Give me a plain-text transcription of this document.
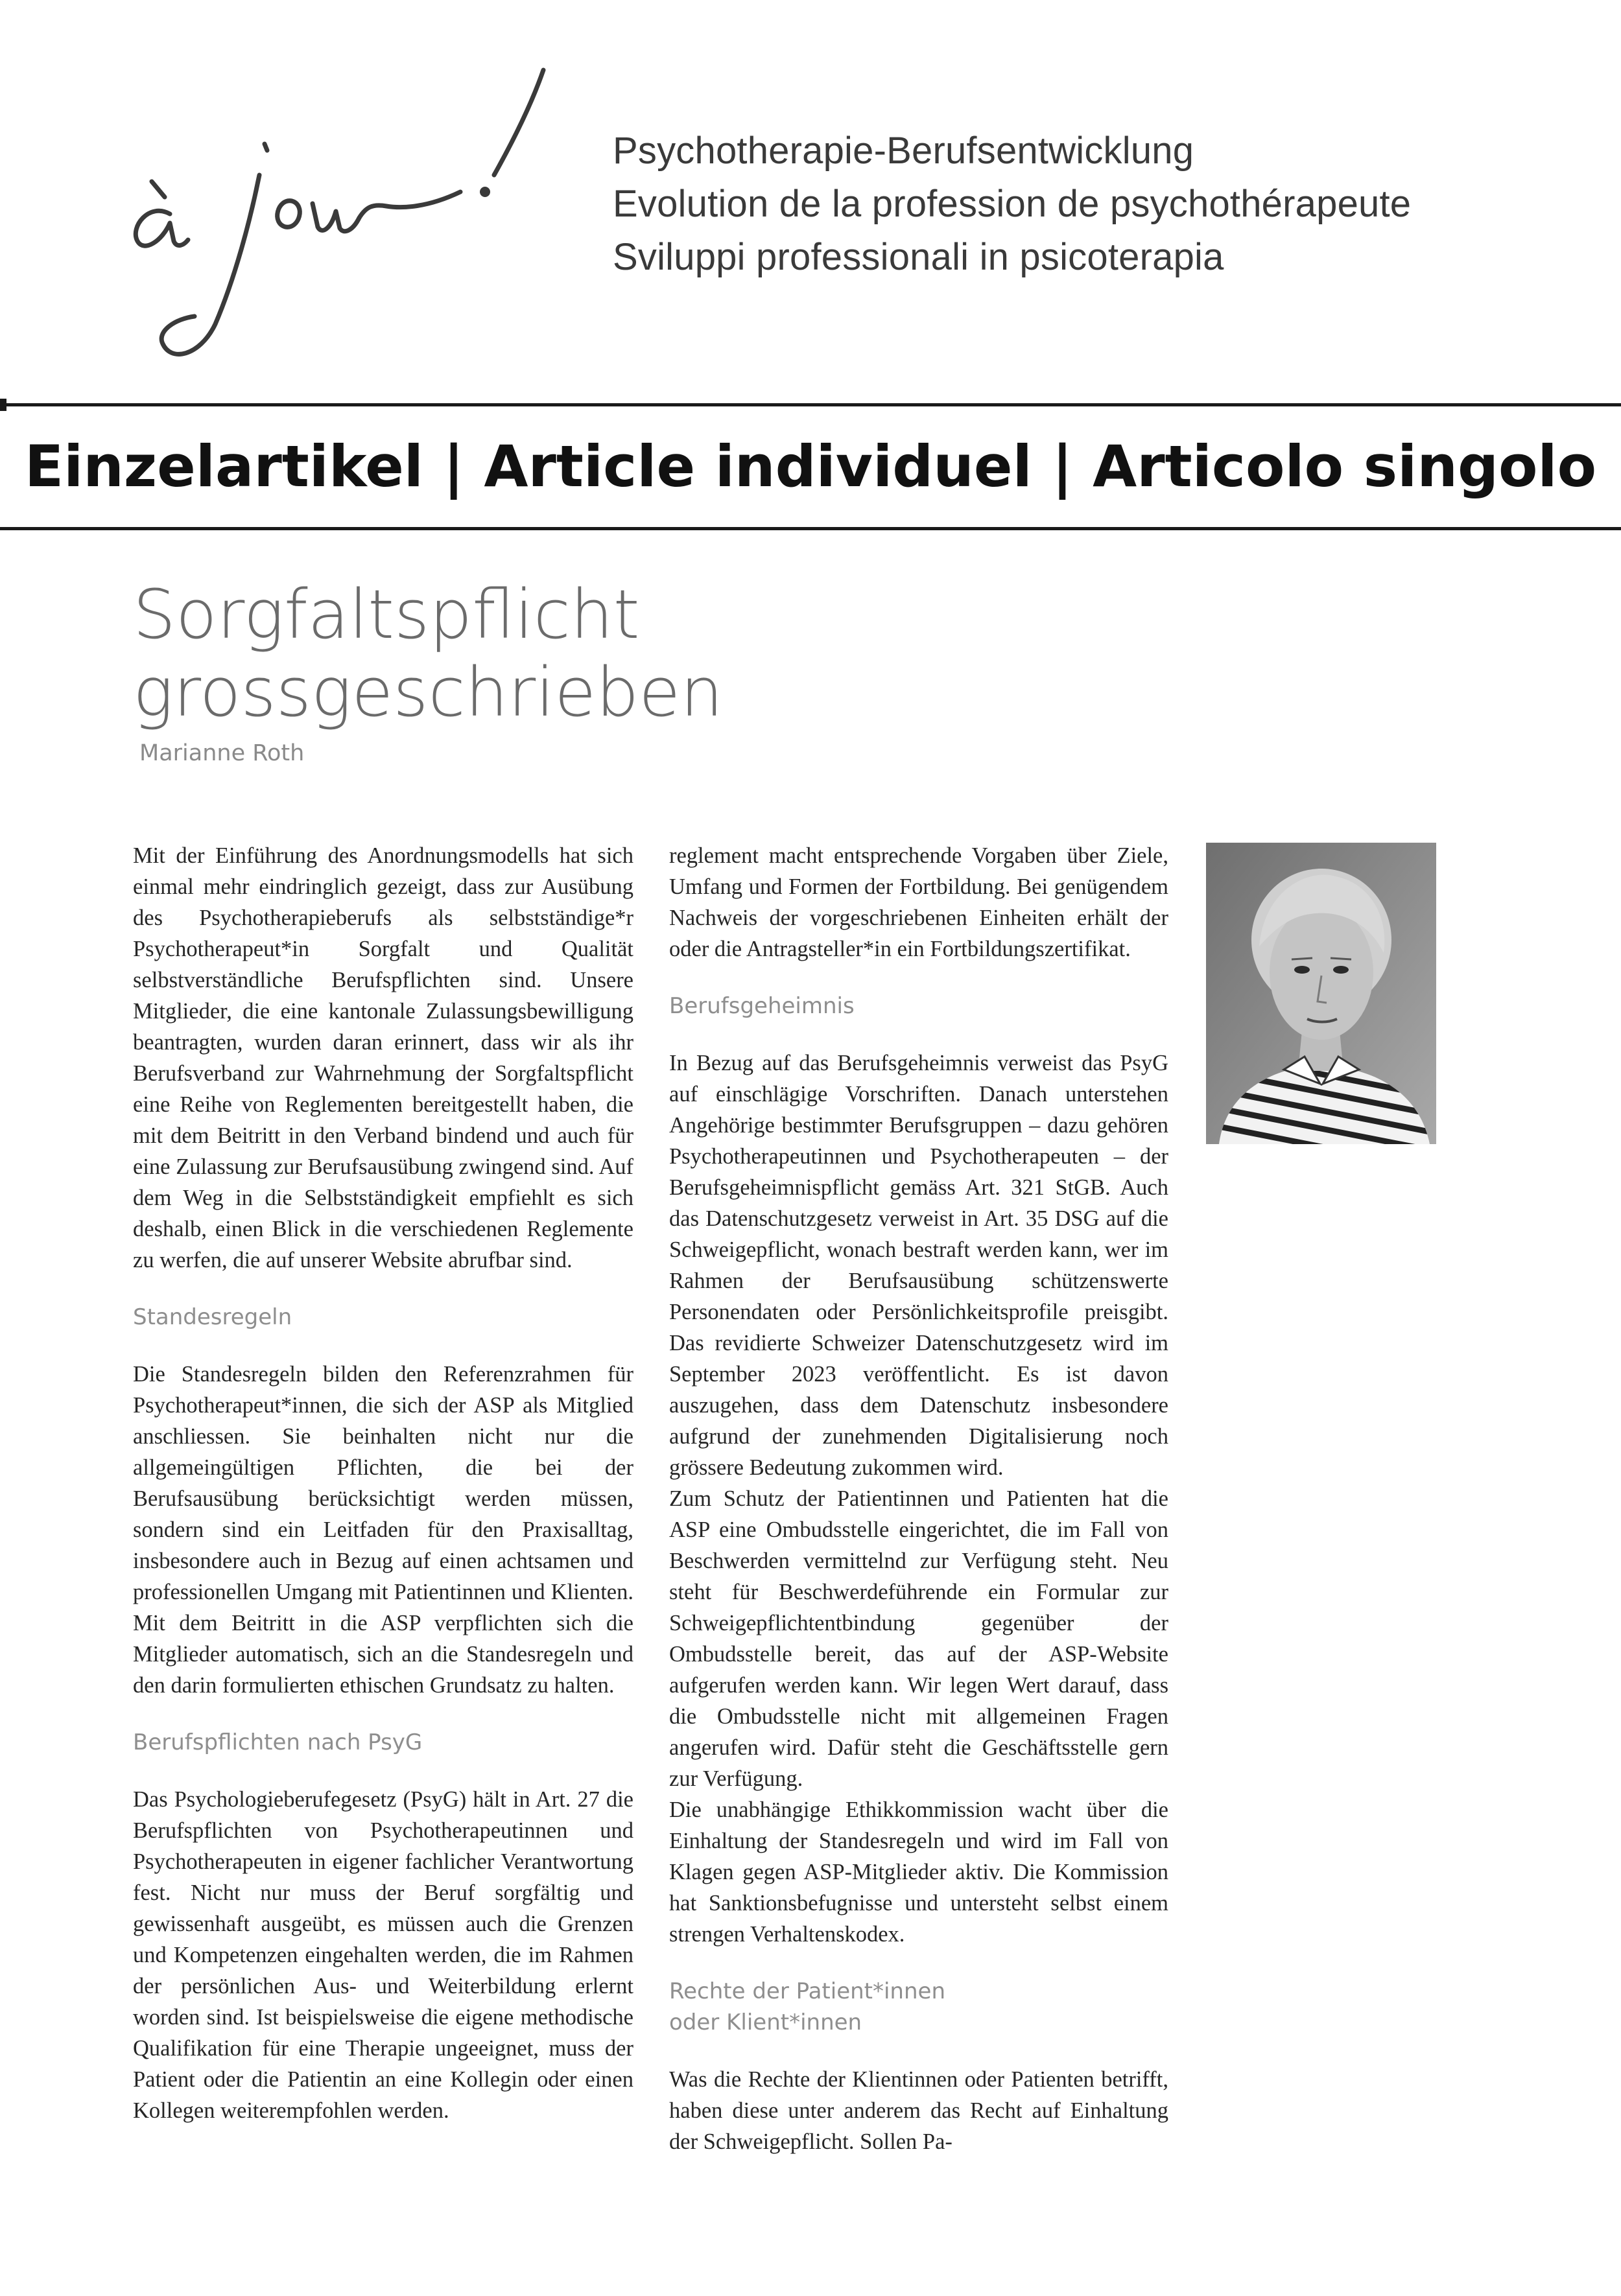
Psychotherapie-Berufsentwicklung
Evolution de la profession de psychothérapeute
Sviluppi professionali in psicoterapia
Einzelartikel | Article individuel | Articolo singolo
Sorgfaltspflicht
grossgeschrieben
Marianne Roth

Mit der Einführung des Anordnungsmodells hat sich einmal mehr eindringlich gezeigt, dass zur Ausübung des Psychotherapieberufs als selbstständige*r Psychotherapeut*in Sorgfalt und Qualität selbstverständliche Berufspflichten sind. Unsere Mitglieder, die eine kantonale Zulassungsbewilligung beantragten, wurden daran erinnert, dass wir als ihr Berufsverband zur Wahrnehmung der Sorgfaltspflicht eine Reihe von Reglementen bereitgestellt haben, die mit dem Beitritt in den Verband bindend und auch für eine Zulassung zur Berufsausübung zwingend sind. Auf dem Weg in die Selbstständigkeit empfiehlt es sich deshalb, einen Blick in die verschiedenen Reglemente zu werfen, die auf unserer Website abrufbar sind.

Standesregeln

Die Standesregeln bilden den Referenzrahmen für Psychotherapeut*innen, die sich der ASP als Mitglied anschliessen. Sie beinhalten nicht nur die allgemeingültigen Pflichten, die bei der Berufsausübung berücksichtigt werden müssen, sondern sind ein Leitfaden für den Praxisalltag, insbesondere auch in Bezug auf einen achtsamen und professionellen Umgang mit Patientinnen und Klienten. Mit dem Beitritt in die ASP verpflichten sich die Mitglieder automatisch, sich an die Standesregeln und den darin formulierten ethischen Grundsatz zu halten.

Berufspflichten nach PsyG

Das Psychologieberufegesetz (PsyG) hält in Art. 27 die Berufspflichten von Psychotherapeutinnen und Psychotherapeuten in eigener fachlicher Verantwortung fest. Nicht nur muss der Beruf sorgfältig und gewissenhaft ausgeübt, es müssen auch die Grenzen und Kompetenzen eingehalten werden, die im Rahmen der persönlichen Aus- und Weiterbildung erlernt worden sind. Ist beispielsweise die eigene methodische Qualifikation für eine Therapie ungeeignet, muss der Patient oder die Patientin an eine Kollegin oder einen Kollegen weiterempfohlen werden.

reglement macht entsprechende Vorgaben über Ziele, Umfang und Formen der Fortbildung. Bei genügendem Nachweis der vorgeschriebenen Einheiten erhält der oder die Antragsteller*in ein Fortbildungszertifikat.

Berufsgeheimnis

In Bezug auf das Berufsgeheimnis verweist das PsyG auf einschlägige Vorschriften. Danach unterstehen Angehörige bestimmter Berufsgruppen – dazu gehören Psychotherapeutinnen und Psychotherapeuten – der Berufsgeheimnispflicht gemäss Art. 321 StGB. Auch das Datenschutzgesetz verweist in Art. 35 DSG auf die Schweigepflicht, wonach bestraft werden kann, wer im Rahmen der Berufsausübung schützenswerte Personendaten oder Persönlichkeitsprofile preisgibt. Das revidierte Schweizer Datenschutzgesetz wird im September 2023 veröffentlicht. Es ist davon auszugehen, dass dem Datenschutz insbesondere aufgrund der zunehmenden Digitalisierung noch grössere Bedeutung zukommen wird.

Zum Schutz der Patientinnen und Patienten hat die ASP eine Ombudsstelle eingerichtet, die im Fall von Beschwerden vermittelnd zur Verfügung steht. Neu steht für Beschwerdeführende ein Formular zur Schweigepflichtentbindung gegenüber der Ombudsstelle bereit, das auf der ASP-Website aufgerufen werden kann. Wir legen Wert darauf, dass die Ombudsstelle nicht mit allgemeinen Fragen angerufen wird. Dafür steht die Geschäftsstelle gern zur Verfügung.

Die unabhängige Ethikkommission wacht über die Einhaltung der Standesregeln und wird im Fall von Klagen gegen ASP-Mitglieder aktiv. Die Kommission hat Sanktionsbefugnisse und untersteht selbst einem strengen Verhaltenskodex.

Rechte der Patient*innen
oder Klient*innen

Was die Rechte der Klientinnen oder Patienten betrifft, haben diese unter anderem das Recht auf Einhaltung der Schweigepflicht. Sollen Pa-
